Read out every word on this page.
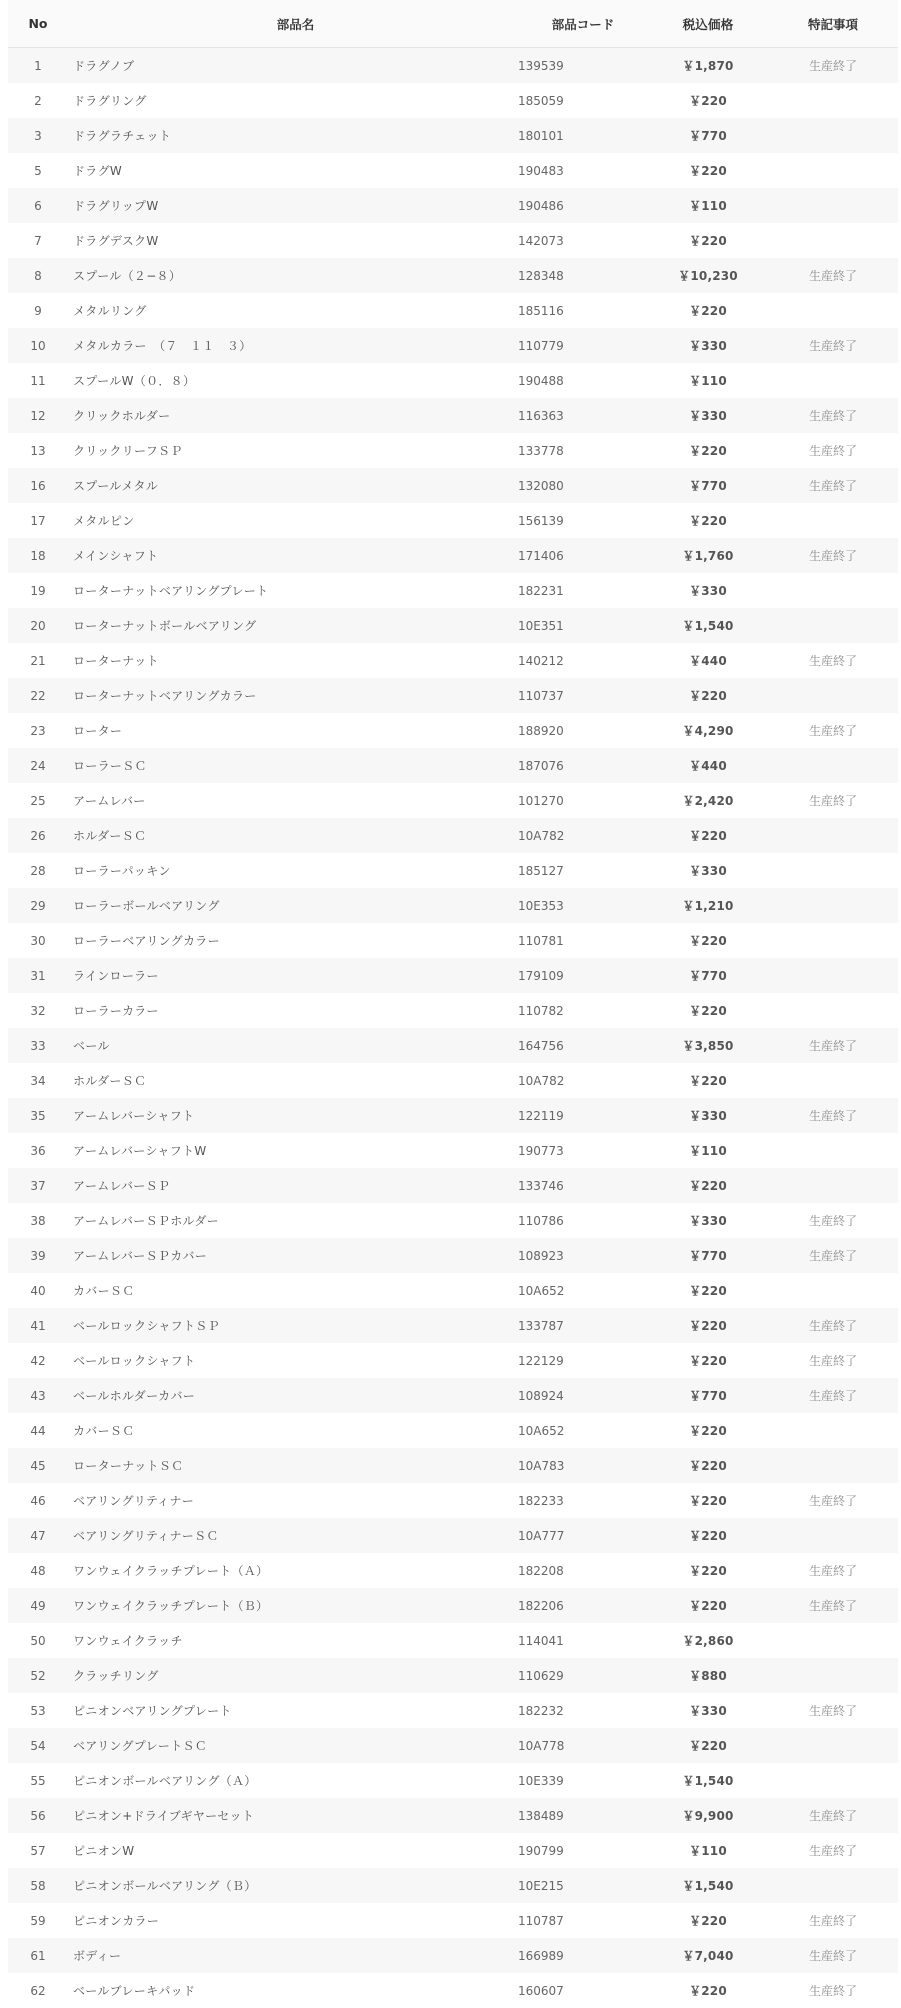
No	部品名	部品コード	税込価格	特記事項
1	ドラグノブ	139539	￥1,870	生産終了
2	ドラグリング	185059	￥220	
3	ドラグラチェット	180101	￥770	
5	ドラグW	190483	￥220	
6	ドラグリップW	190486	￥110	
7	ドラグデスクW	142073	￥220	
8	スプール（２−８）	128348	￥10,230	生産終了
9	メタルリング	185116	￥220	
10	メタルカラー　（７　１１　３）	110779	￥330	生産終了
11	スプールW（０．８）	190488	￥110	
12	クリックホルダー	116363	￥330	生産終了
13	クリックリーフＳＰ	133778	￥220	生産終了
16	スプールメタル	132080	￥770	生産終了
17	メタルピン	156139	￥220	
18	メインシャフト	171406	￥1,760	生産終了
19	ローターナットベアリングプレート	182231	￥330	
20	ローターナットボールベアリング	10E351	￥1,540	
21	ローターナット	140212	￥440	生産終了
22	ローターナットベアリングカラー	110737	￥220	
23	ローター	188920	￥4,290	生産終了
24	ローラーＳＣ	187076	￥440	
25	アームレバー	101270	￥2,420	生産終了
26	ホルダーＳＣ	10A782	￥220	
28	ローラーパッキン	185127	￥330	
29	ローラーボールベアリング	10E353	￥1,210	
30	ローラーベアリングカラー	110781	￥220	
31	ラインローラー	179109	￥770	
32	ローラーカラー	110782	￥220	
33	ベール	164756	￥3,850	生産終了
34	ホルダーＳＣ	10A782	￥220	
35	アームレバーシャフト	122119	￥330	生産終了
36	アームレバーシャフトW	190773	￥110	
37	アームレバーＳＰ	133746	￥220	
38	アームレバーＳＰホルダー	110786	￥330	生産終了
39	アームレバーＳＰカバー	108923	￥770	生産終了
40	カバーＳＣ	10A652	￥220	
41	ベールロックシャフトＳＰ	133787	￥220	生産終了
42	ベールロックシャフト	122129	￥220	生産終了
43	ベールホルダーカバー	108924	￥770	生産終了
44	カバーＳＣ	10A652	￥220	
45	ローターナットＳＣ	10A783	￥220	
46	ベアリングリティナー	182233	￥220	生産終了
47	ベアリングリティナーＳＣ	10A777	￥220	
48	ワンウェイクラッチプレート（Ａ）	182208	￥220	生産終了
49	ワンウェイクラッチプレート（Ｂ）	182206	￥220	生産終了
50	ワンウェイクラッチ	114041	￥2,860	
52	クラッチリング	110629	￥880	
53	ピニオンベアリングプレート	182232	￥330	生産終了
54	ベアリングプレートＳＣ	10A778	￥220	
55	ピニオンボールベアリング（Ａ）	10E339	￥1,540	
56	ピニオン+ドライブギヤーセット	138489	￥9,900	生産終了
57	ピニオンW	190799	￥110	生産終了
58	ピニオンボールベアリング（Ｂ）	10E215	￥1,540	
59	ピニオンカラー	110787	￥220	生産終了
61	ボディー	166989	￥7,040	生産終了
62	ベールブレーキパッド	160607	￥220	生産終了
